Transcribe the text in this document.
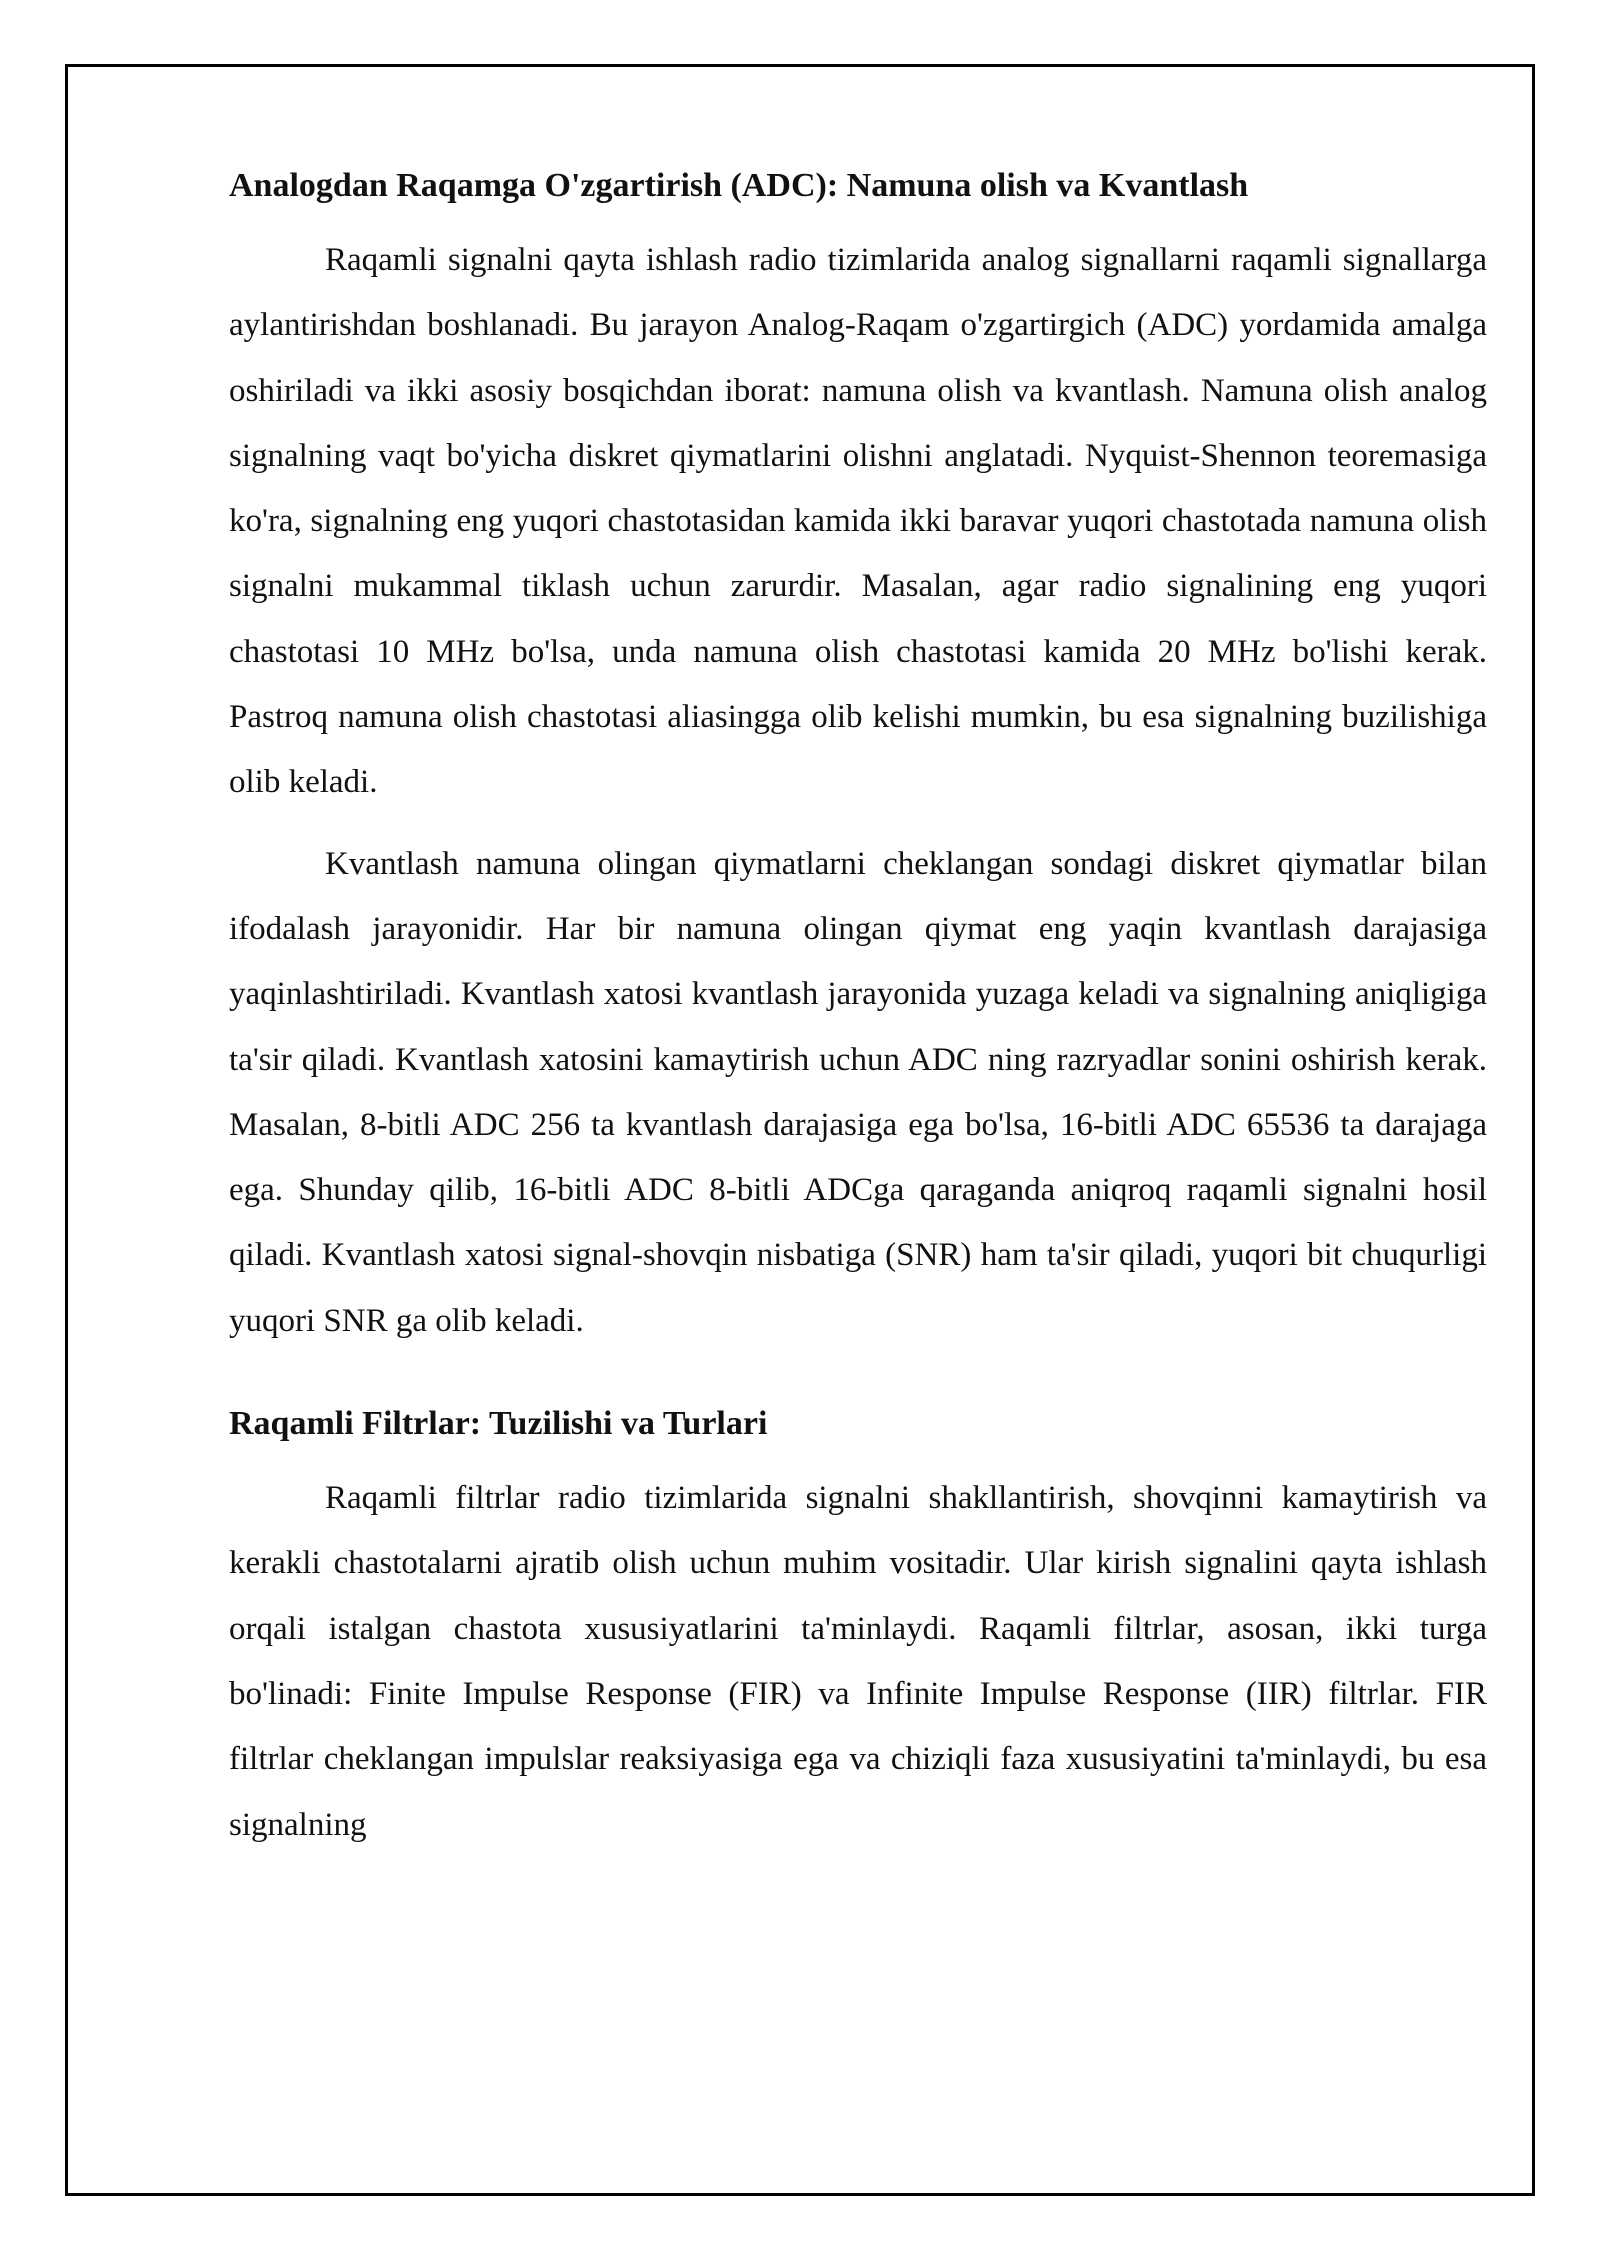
Analogdan Raqamga O'zgartirish (ADC): Namuna olish va Kvantlash

Raqamli signalni qayta ishlash radio tizimlarida analog signallarni raqamli signallarga aylantirishdan boshlanadi. Bu jarayon Analog-Raqam o'zgartirgich (ADC) yordamida amalga oshiriladi va ikki asosiy bosqichdan iborat: namuna olish va kvantlash. Namuna olish analog signalning vaqt bo'yicha diskret qiymatlarini olishni anglatadi. Nyquist-Shennon teoremasiga ko'ra, signalning eng yuqori chastotasidan kamida ikki baravar yuqori chastotada namuna olish signalni mukammal tiklash uchun zarurdir. Masalan, agar radio signalining eng yuqori chastotasi 10 MHz bo'lsa, unda namuna olish chastotasi kamida 20 MHz bo'lishi kerak. Pastroq namuna olish chastotasi aliasingga olib kelishi mumkin, bu esa signalning buzilishiga olib keladi.

Kvantlash namuna olingan qiymatlarni cheklangan sondagi diskret qiymatlar bilan ifodalash jarayonidir. Har bir namuna olingan qiymat eng yaqin kvantlash darajasiga yaqinlashtiriladi. Kvantlash xatosi kvantlash jarayonida yuzaga keladi va signalning aniqligiga ta'sir qiladi. Kvantlash xatosini kamaytirish uchun ADC ning razryadlar sonini oshirish kerak. Masalan, 8-bitli ADC 256 ta kvantlash darajasiga ega bo'lsa, 16-bitli ADC 65536 ta darajaga ega. Shunday qilib, 16-bitli ADC 8-bitli ADCga qaraganda aniqroq raqamli signalni hosil qiladi. Kvantlash xatosi signal-shovqin nisbatiga (SNR) ham ta'sir qiladi, yuqori bit chuqurligi yuqori SNR ga olib keladi.

Raqamli Filtrlar: Tuzilishi va Turlari

Raqamli filtrlar radio tizimlarida signalni shakllantirish, shovqinni kamaytirish va kerakli chastotalarni ajratib olish uchun muhim vositadir. Ular kirish signalini qayta ishlash orqali istalgan chastota xususiyatlarini ta'minlaydi. Raqamli filtrlar, asosan, ikki turga bo'linadi: Finite Impulse Response (FIR) va Infinite Impulse Response (IIR) filtrlar. FIR filtrlar cheklangan impulslar reaksiyasiga ega va chiziqli faza xususiyatini ta'minlaydi, bu esa signalning
